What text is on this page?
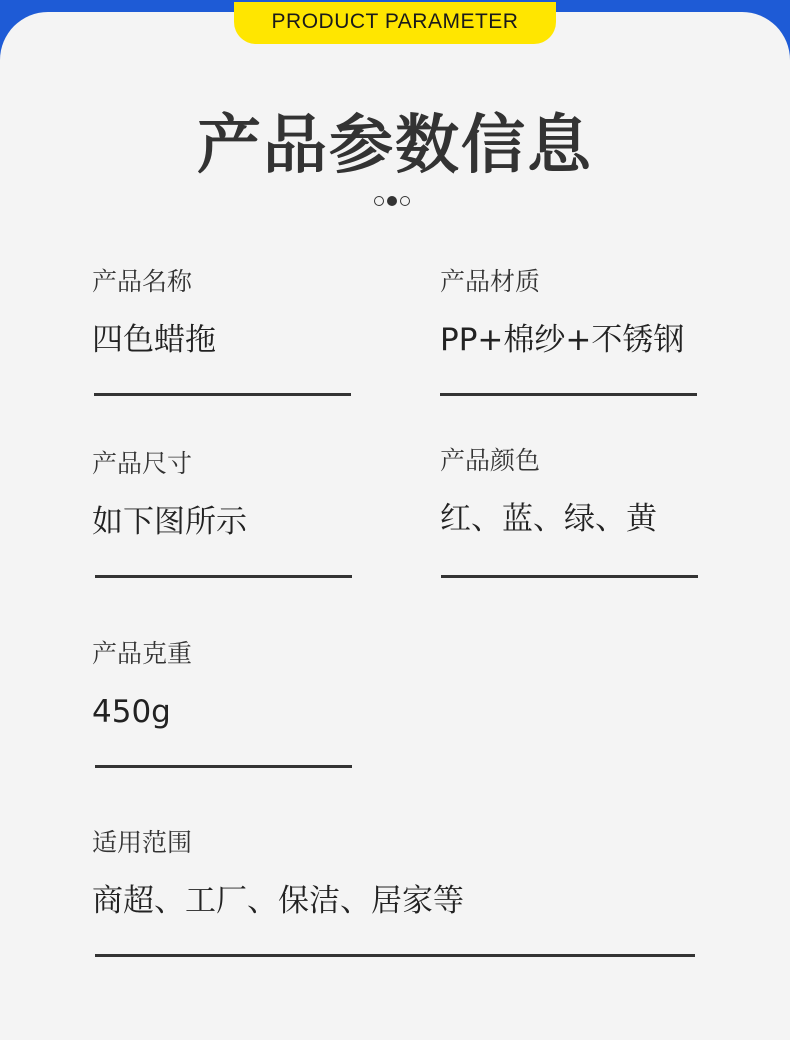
PRODUCT PARAMETER
产品参数信息
产品名称
四色蜡拖
产品材质
PP+棉纱+不锈钢
产品尺寸
如下图所示
产品颜色
红、蓝、绿、黄
产品克重
450g
适用范围
商超、工厂、保洁、居家等
